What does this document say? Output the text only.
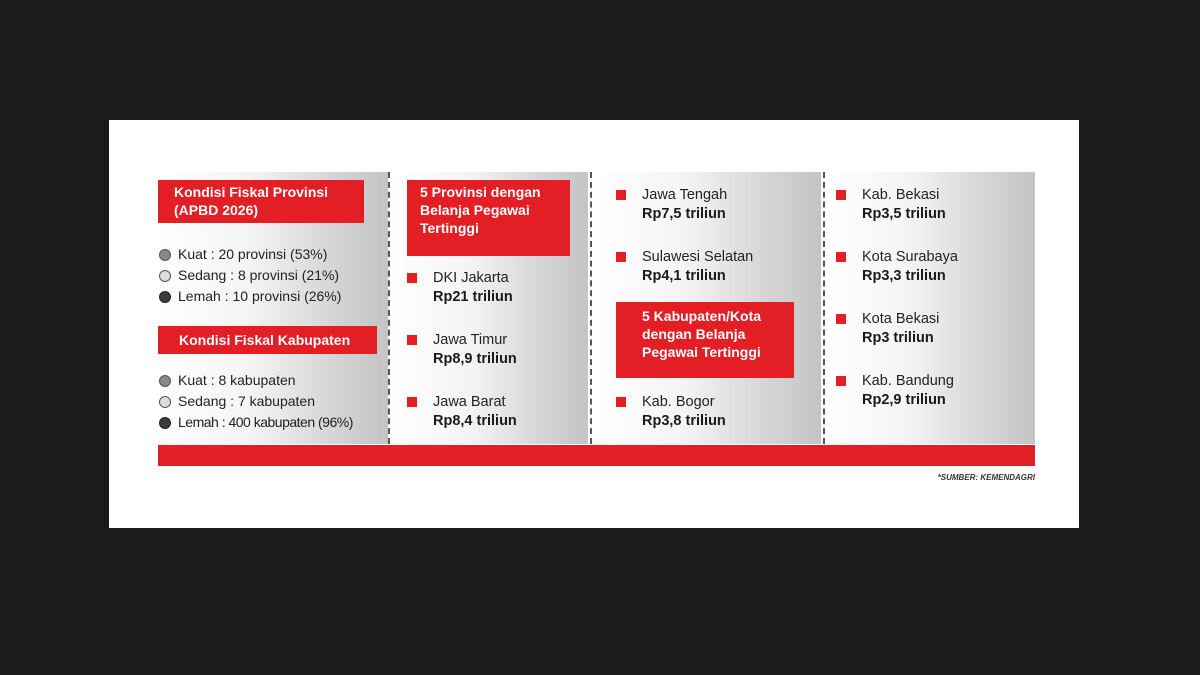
Kondisi Fiskal Provinsi
(APBD 2026)
Kuat : 20 provinsi (53%)
Sedang : 8 provinsi (21%)
Lemah : 10 provinsi (26%)
Kondisi Fiskal Kabupaten
Kuat : 8 kabupaten
Sedang : 7 kabupaten
Lemah : 400 kabupaten (96%)
5 Provinsi dengan
Belanja Pegawai
Tertinggi
DKI Jakarta
Rp21 triliun
Jawa Timur
Rp8,9 triliun
Jawa Barat
Rp8,4 triliun
Jawa Tengah
Rp7,5 triliun
Sulawesi Selatan
Rp4,1 triliun
5 Kabupaten/Kota
dengan Belanja
Pegawai Tertinggi
Kab. Bogor
Rp3,8 triliun
Kab. Bekasi
Rp3,5 triliun
Kota Surabaya
Rp3,3 triliun
Kota Bekasi
Rp3 triliun
Kab. Bandung
Rp2,9 triliun
*SUMBER: KEMENDAGRI
